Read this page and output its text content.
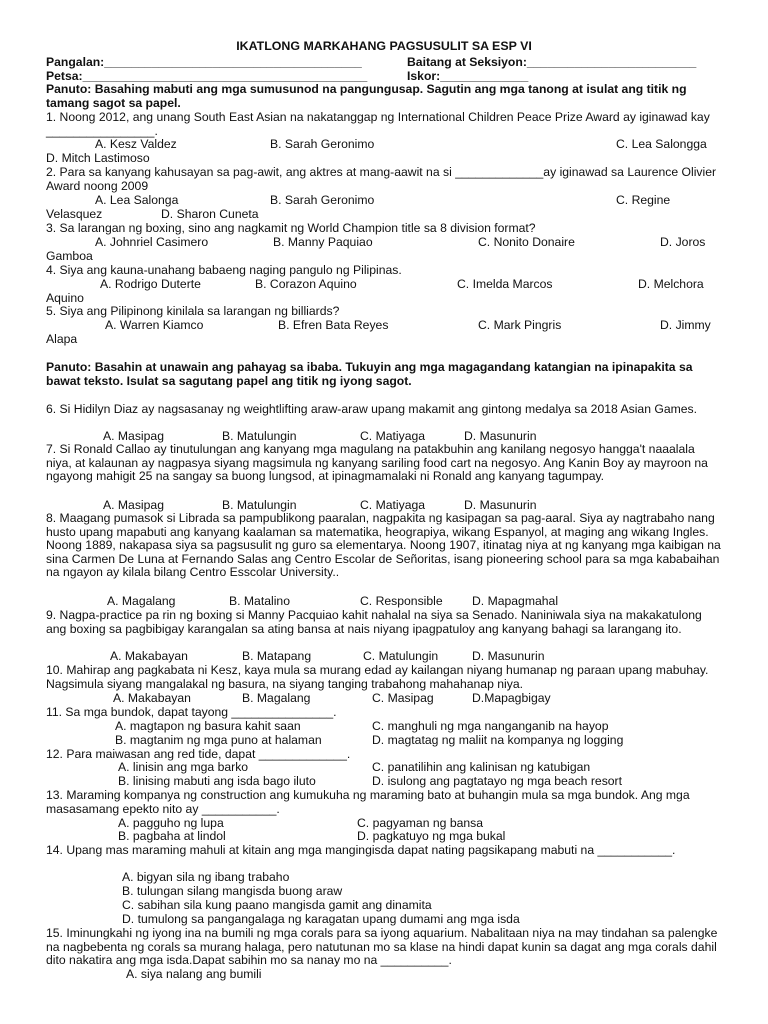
IKATLONG MARKAHANG PAGSUSULIT SA ESP VI
Pangalan:______________________________________	Baitang at Seksiyon:_________________________
Petsa:__________________________________________	Iskor:_____________
Panuto: Basahing mabuti ang mga sumusunod na pangungusap. Sagutin ang mga tanong at isulat ang titik ng tamang sagot sa papel.
1. Noong 2012, ang unang South East Asian na nakatanggap ng International Children Peace Prize Award ay iginawad kay ________________.
A. Kesz Valdez	B. Sarah Geronimo	C. Lea Salongga
D. Mitch Lastimoso
2. Para sa kanyang kahusayan sa pag-awit, ang aktres at mang-aawit na si _____________ay iginawad sa Laurence Olivier Award noong 2009
A. Lea Salonga	B. Sarah Geronimo	C. Regine
Velasquez	D. Sharon Cuneta
3. Sa larangan ng boxing, sino ang nagkamit ng World Champion title sa 8 division format?
A. Johnriel Casimero	B. Manny Paquiao	C. Nonito Donaire	D. Joros
Gamboa
4. Siya ang kauna-unahang babaeng naging pangulo ng Pilipinas.
A. Rodrigo Duterte	B. Corazon Aquino	C. Imelda Marcos	D. Melchora
Aquino
5. Siya ang Pilipinong kinilala sa larangan ng billiards?
A. Warren Kiamco	B. Efren Bata Reyes	C. Mark Pingris	D. Jimmy
Alapa
Panuto: Basahin at unawain ang pahayag sa ibaba. Tukuyin ang mga magagandang katangian na ipinapakita sa bawat teksto. Isulat sa sagutang papel ang titik ng iyong sagot.
6. Si Hidilyn Diaz ay nagsasanay ng weightlifting araw-araw upang makamit ang gintong medalya sa 2018 Asian Games.
A. Masipag	B. Matulungin	C. Matiyaga	D. Masunurin
7. Si Ronald Callao ay tinutulungan ang kanyang mga magulang na patakbuhin ang kanilang negosyo hangga't naaalala niya, at kalaunan ay nagpasya siyang magsimula ng kanyang sariling food cart na negosyo. Ang Kanin Boy ay mayroon na ngayong mahigit 25 na sangay sa buong lungsod, at ipinagmamalaki ni Ronald ang kanyang tagumpay.
A. Masipag	B. Matulungin	C. Matiyaga	D. Masunurin
8. Maagang pumasok si Librada sa pampublikong paaralan, nagpakita ng kasipagan sa pag-aaral. Siya ay nagtrabaho nang husto upang mapabuti ang kanyang kaalaman sa matematika, heograpiya, wikang Espanyol, at maging ang wikang Ingles. Noong 1889, nakapasa siya sa pagsusulit ng guro sa elementarya. Noong 1907, itinatag niya at ng kanyang mga kaibigan na sina Carmen De Luna at Fernando Salas ang Centro Escolar de Señoritas, isang pioneering school para sa mga kababaihan na ngayon ay kilala bilang Centro Esscolar University..
A. Magalang	B. Matalino	C. Responsible D. Mapagmahal
9. Nagpa-practice pa rin ng boxing si Manny Pacquiao kahit nahalal na siya sa Senado. Naniniwala siya na makakatulong ang boxing sa pagbibigay karangalan sa ating bansa at nais niyang ipagpatuloy ang kanyang bahagi sa larangang ito.
A. Makabayan	B. Matapang	C. Matulungin	D. Masunurin
10. Mahirap ang pagkabata ni Kesz, kaya mula sa murang edad ay kailangan niyang humanap ng paraan upang mabuhay. Nagsimula siyang mangalakal ng basura, na siyang tanging trabahong mahahanap niya.
A. Makabayan	B. Magalang	C. Masipag	D.Mapagbigay
11. Sa mga bundok, dapat tayong _______________.
A. magtapon ng basura kahit saan	C. manghuli ng mga nanganganib na hayop
B. magtanim ng mga puno at halaman	D. magtatag ng maliit na kompanya ng logging
12. Para maiwasan ang red tide, dapat _____________.
A. linisin ang mga barko	C. panatilihin ang kalinisan ng katubigan
B. linising mabuti ang isda bago iluto	D. isulong ang pagtatayo ng mga beach resort
13. Maraming kompanya ng construction ang kumukuha ng maraming bato at buhangin mula sa mga bundok. Ang mga masasamang epekto nito ay ___________.
A. pagguho ng lupa	C. pagyaman ng bansa
B. pagbaha at lindol	D. pagkatuyo ng mga bukal
14. Upang mas maraming mahuli at kitain ang mga mangingisda dapat nating pagsikapang mabuti na ___________.
A. bigyan sila ng ibang trabaho
B. tulungan silang mangisda buong araw
C. sabihan sila kung paano mangisda gamit ang dinamita
D. tumulong sa pangangalaga ng karagatan upang dumami ang mga isda
15. Iminungkahi ng iyong ina na bumili ng mga corals para sa iyong aquarium. Nabalitaan niya na may tindahan sa palengke na nagbebenta ng corals sa murang halaga, pero natutunan mo sa klase na hindi dapat kunin sa dagat ang mga corals dahil dito nakatira ang mga isda.Dapat sabihin mo sa nanay mo na __________.
A. siya nalang ang bumili
